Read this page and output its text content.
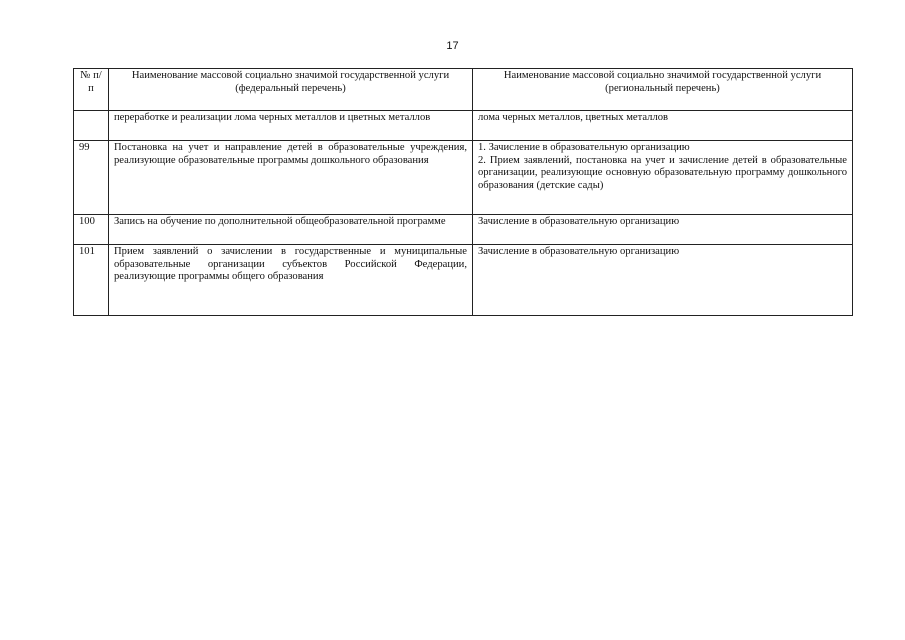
17
№ п/п	Наименование массовой социально значимой государственной услуги (федеральный перечень)	Наименование массовой социально значимой государственной услуги (региональный перечень)
	переработке и реализации лома черных металлов и цветных металлов	лома черных металлов, цветных металлов

99	Постановка на учет и направление детей в образовательные учреждения, реализующие образовательные программы дошкольного образования	1. Зачисление в образовательную организацию
2. Прием заявлений, постановка на учет и зачисление детей в образовательные организации, реализующие основную образовательную программу дошкольного образования (детские сады)

100	Запись на обучение по дополнительной общеобразовательной программе	Зачисление в образовательную организацию

101	Прием заявлений о зачислении в государственные и муниципальные образовательные организации субъектов Российской Федерации, реализующие программы общего образования	Зачисление в образовательную организацию
